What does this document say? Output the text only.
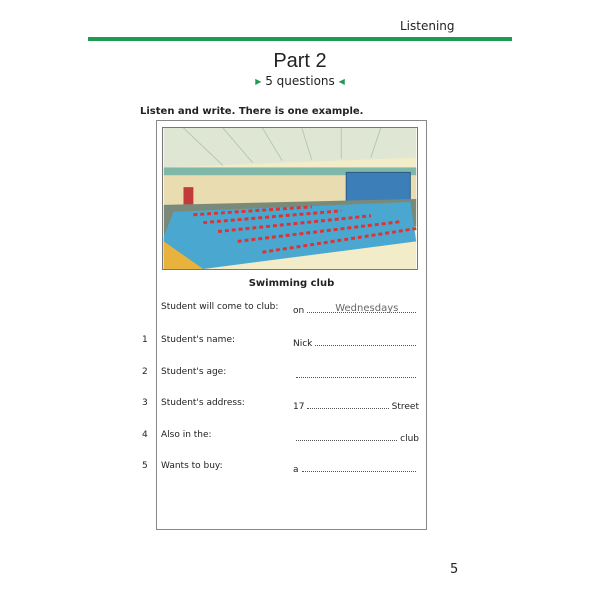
Listening
Part 2
▶ 5 questions ◀
Listen and write. There is one example.
Swimming club
Student will come to club: on	Wednesdays
1	Student's name:	Nick
2	Student's age:
3	Student's address:	17	Street
4	Also in the:	club
5	Wants to buy:	a
5
